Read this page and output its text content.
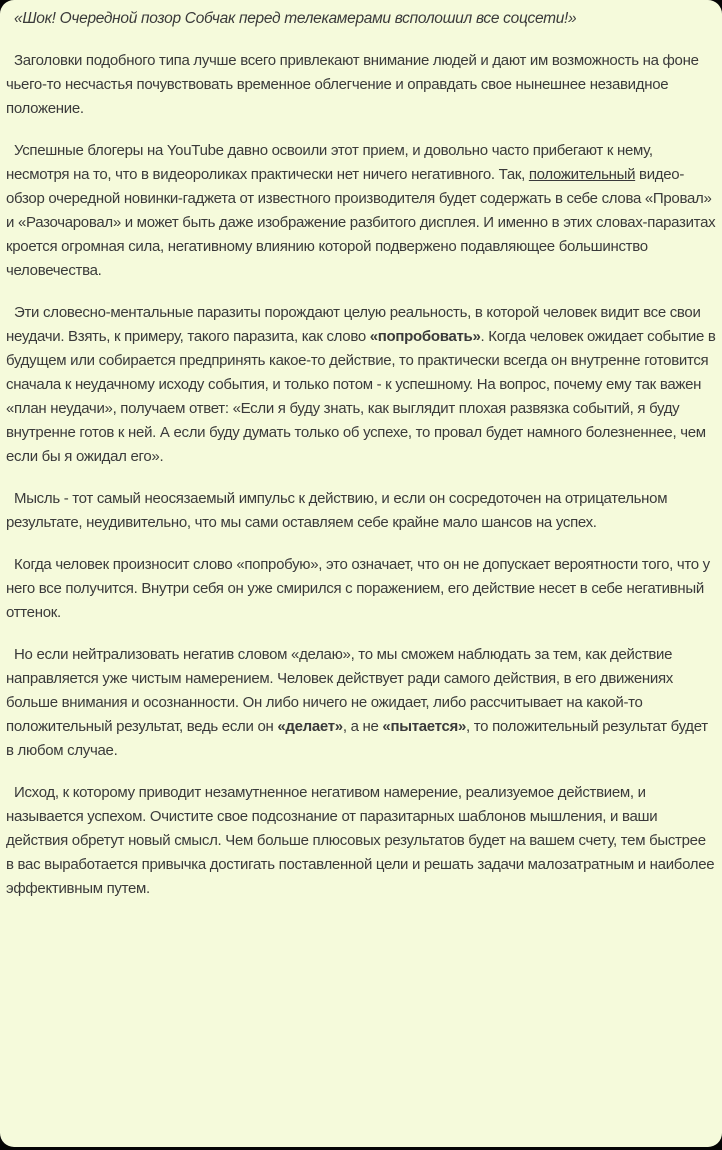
«Шок! Очередной позор Собчак перед телекамерами всполошил все соцсети!»

Заголовки подобного типа лучше всего привлекают внимание людей и дают им возможность на фоне чьего-то несчастья почувствовать временное облегчение и оправдать свое нынешнее незавидное положение.

Успешные блогеры на YouTube давно освоили этот прием, и довольно часто прибегают к нему, несмотря на то, что в видеороликах практически нет ничего негативного. Так, положительный видео-обзор очередной новинки-гаджета от известного производителя будет содержать в себе слова «Провал» и «Разочаровал» и может быть даже изображение разбитого дисплея. И именно в этих словах-паразитах кроется огромная сила, негативному влиянию которой подвержено подавляющее большинство человечества.

Эти словесно-ментальные паразиты порождают целую реальность, в которой человек видит все свои неудачи. Взять, к примеру, такого паразита, как слово «попробовать». Когда человек ожидает событие в будущем или собирается предпринять какое-то действие, то практически всегда он внутренне готовится сначала к неудачному исходу события, и только потом - к успешному. На вопрос, почему ему так важен «план неудачи», получаем ответ: «Если я буду знать, как выглядит плохая развязка событий, я буду внутренне готов к ней. А если буду думать только об успехе, то провал будет намного болезненнее, чем если бы я ожидал его».

Мысль - тот самый неосязаемый импульс к действию, и если он сосредоточен на отрицательном результате, неудивительно, что мы сами оставляем себе крайне мало шансов на успех.

Когда человек произносит слово «попробую», это означает, что он не допускает вероятности того, что у него все получится. Внутри себя он уже смирился с поражением, его действие несет в себе негативный оттенок.

Но если нейтрализовать негатив словом «делаю», то мы сможем наблюдать за тем, как действие направляется уже чистым намерением. Человек действует ради самого действия, в его движениях больше внимания и осознанности. Он либо ничего не ожидает, либо рассчитывает на какой-то положительный результат, ведь если он «делает», а не «пытается», то положительный результат будет в любом случае.

Исход, к которому приводит незамутненное негативом намерение, реализуемое действием, и называется успехом. Очистите свое подсознание от паразитарных шаблонов мышления, и ваши действия обретут новый смысл. Чем больше плюсовых результатов будет на вашем счету, тем быстрее в вас выработается привычка достигать поставленной цели и решать задачи малозатратным и наиболее эффективным путем.
